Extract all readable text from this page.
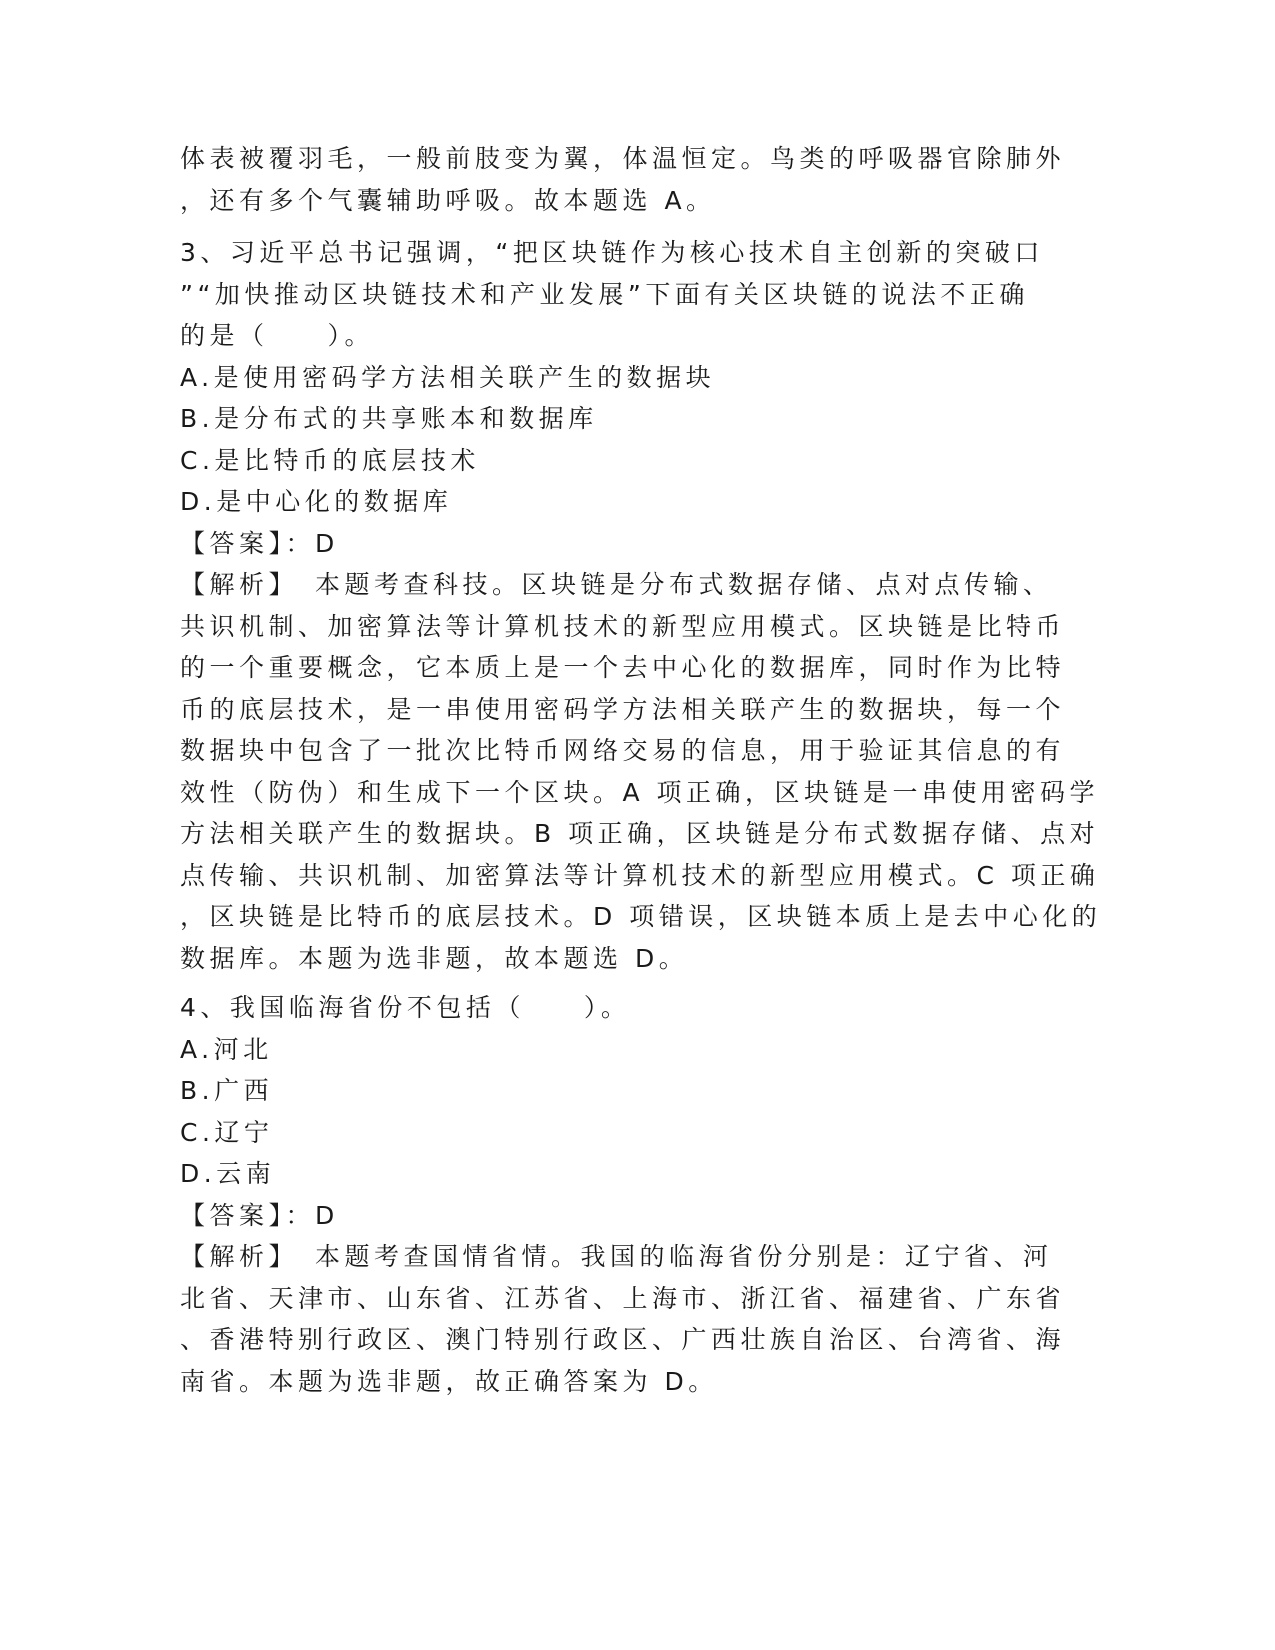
体表被覆羽毛，一般前肢变为翼，体温恒定。鸟类的呼吸器官除肺外
，还有多个气囊辅助呼吸。故本题选 A。
3、习近平总书记强调，“把区块链作为核心技术自主创新的突破口
”“加快推动区块链技术和产业发展”下面有关区块链的说法不正确
的是（　　）。
A.是使用密码学方法相关联产生的数据块
B.是分布式的共享账本和数据库
C.是比特币的底层技术
D.是中心化的数据库
【答案】：D
【解析】　本题考查科技。区块链是分布式数据存储、点对点传输、
共识机制、加密算法等计算机技术的新型应用模式。区块链是比特币
的一个重要概念，它本质上是一个去中心化的数据库，同时作为比特
币的底层技术，是一串使用密码学方法相关联产生的数据块，每一个
数据块中包含了一批次比特币网络交易的信息，用于验证其信息的有
效性（防伪）和生成下一个区块。A 项正确，区块链是一串使用密码学
方法相关联产生的数据块。B 项正确，区块链是分布式数据存储、点对
点传输、共识机制、加密算法等计算机技术的新型应用模式。C 项正确
，区块链是比特币的底层技术。D 项错误，区块链本质上是去中心化的
数据库。本题为选非题，故本题选 D。
4、我国临海省份不包括（　　）。
A.河北
B.广西
C.辽宁
D.云南
【答案】：D
【解析】　本题考查国情省情。我国的临海省份分别是：辽宁省、河
北省、天津市、山东省、江苏省、上海市、浙江省、福建省、广东省
、香港特别行政区、澳门特别行政区、广西壮族自治区、台湾省、海
南省。本题为选非题，故正确答案为 D。
